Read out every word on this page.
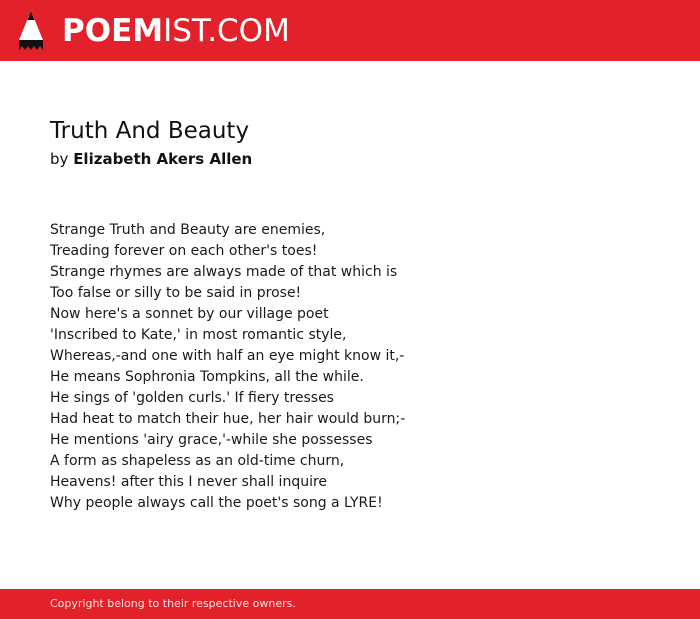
POEMIST.COM
Truth And Beauty
by Elizabeth Akers Allen
Strange Truth and Beauty are enemies,
Treading forever on each other's toes!
Strange rhymes are always made of that which is
Too false or silly to be said in prose!
Now here's a sonnet by our village poet
'Inscribed to Kate,' in most romantic style,
Whereas,-and one with half an eye might know it,-
He means Sophronia Tompkins, all the while.
He sings of 'golden curls.' If fiery tresses
Had heat to match their hue, her hair would burn;-
He mentions 'airy grace,'-while she possesses
A form as shapeless as an old-time churn,
Heavens! after this I never shall inquire
Why people always call the poet's song a LYRE!
Copyright belong to their respective owners.
